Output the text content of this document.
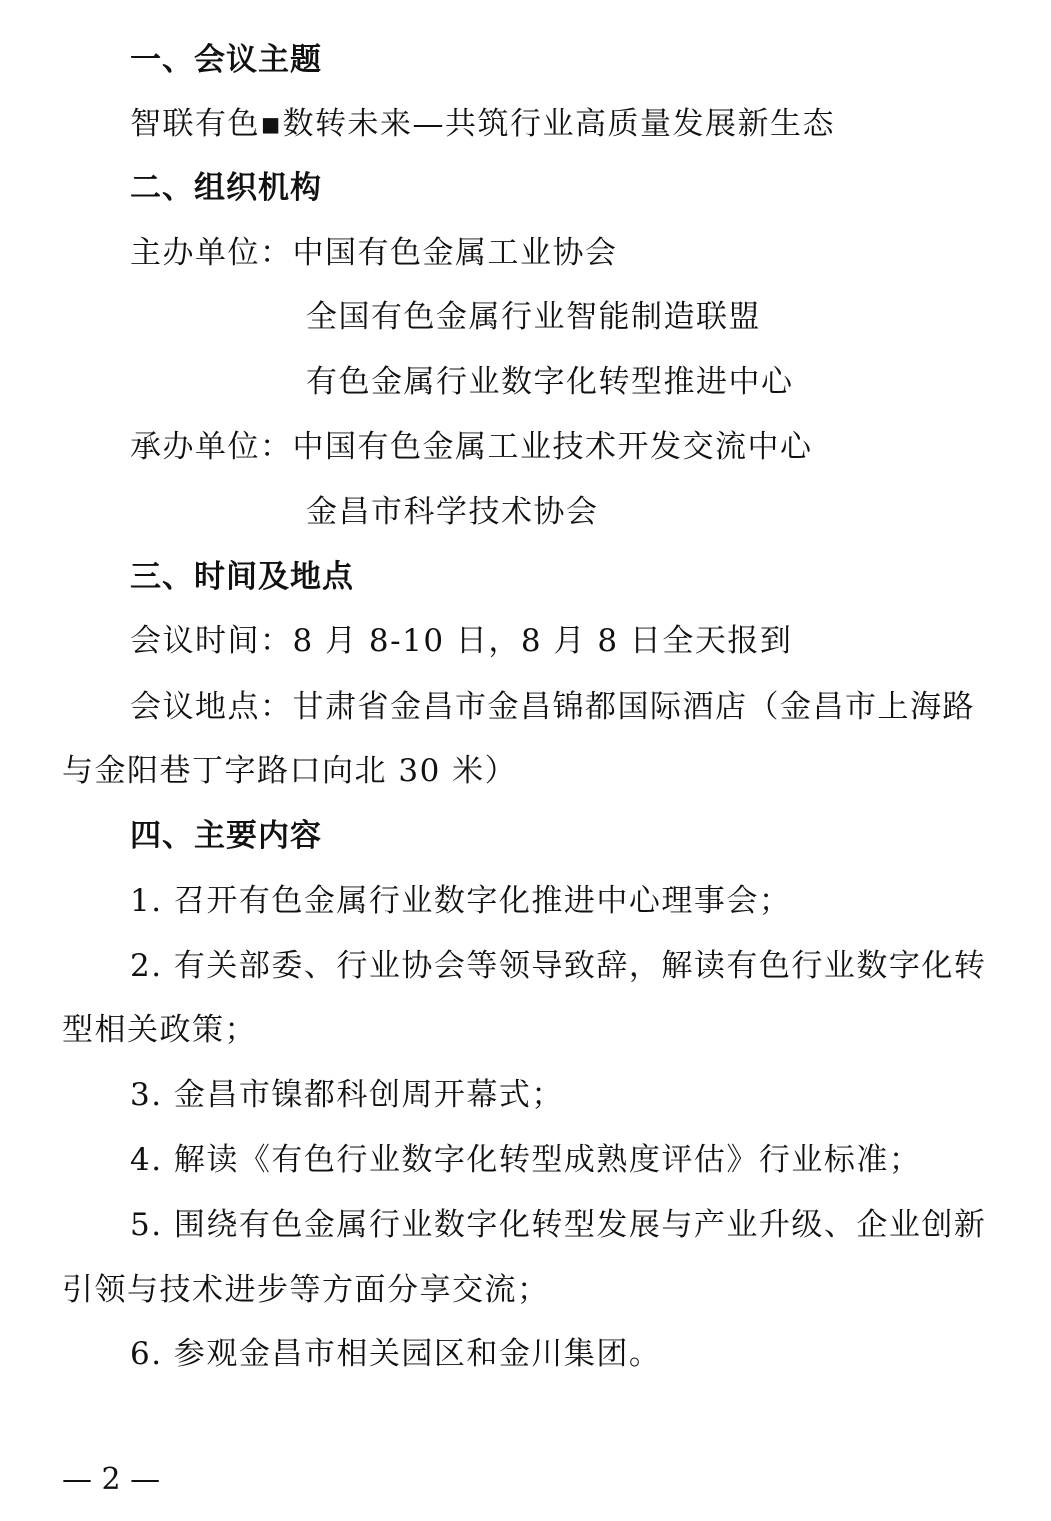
一、会议主题
智联有色▪数转未来—共筑行业高质量发展新生态
二、组织机构
主办单位：中国有色金属工业协会
全国有色金属行业智能制造联盟
有色金属行业数字化转型推进中心
承办单位：中国有色金属工业技术开发交流中心
金昌市科学技术协会
三、时间及地点
会议时间：8 月 8-10 日，8 月 8 日全天报到
会议地点：甘肃省金昌市金昌锦都国际酒店（金昌市上海路
与金阳巷丁字路口向北 30 米）
四、主要内容
1. 召开有色金属行业数字化推进中心理事会；
2. 有关部委、行业协会等领导致辞，解读有色行业数字化转
型相关政策；
3. 金昌市镍都科创周开幕式；
4. 解读《有色行业数字化转型成熟度评估》行业标准；
5. 围绕有色金属行业数字化转型发展与产业升级、企业创新
引领与技术进步等方面分享交流；
6. 参观金昌市相关园区和金川集团。
— 2 —
